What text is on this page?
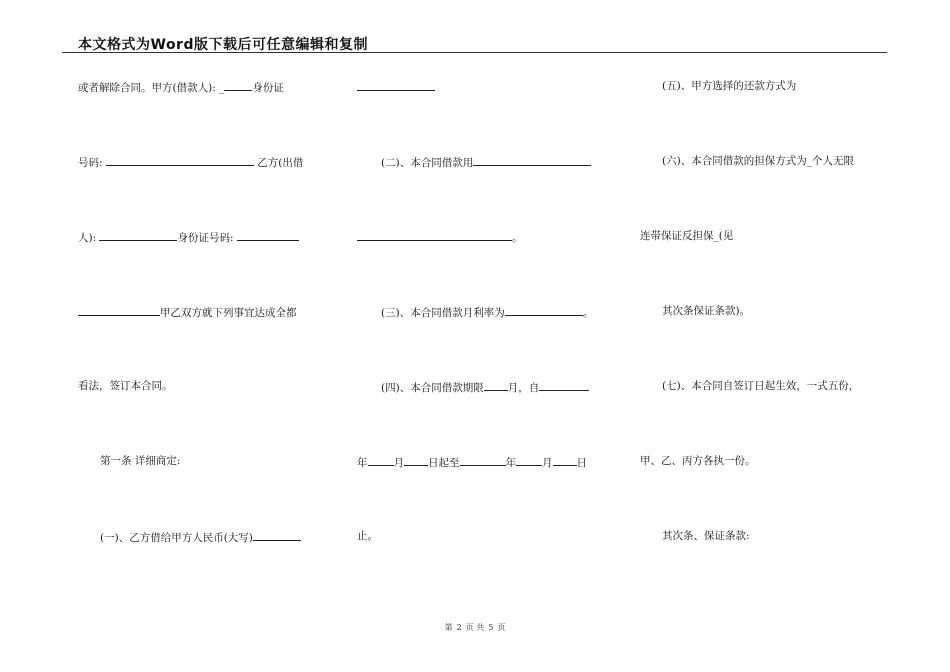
本文格式为Word版下载后可任意编辑和复制
或者解除合同。甲方(借款人): _	身份证
号码:	乙方(出借
人):	身份证号码:
甲乙双方就下列事宜达成全都
看法，签订本合同。
第一条 详细商定:
(一)、乙方借给甲方人民币(大写)
(二)、本合同借款用
。
(三)、本合同借款月利率为	。
(四)、本合同借款期限 月，自
年 月 日起至	年 月 日
止。
(五)、甲方选择的还款方式为
(六)、本合同借款的担保方式为_个人无限
连带保证反担保_(见
其次条保证条款)。
(七)、本合同自签订日起生效，一式五份，
甲、乙、丙方各执一份。
其次条、保证条款:
第 2 页 共 5 页
